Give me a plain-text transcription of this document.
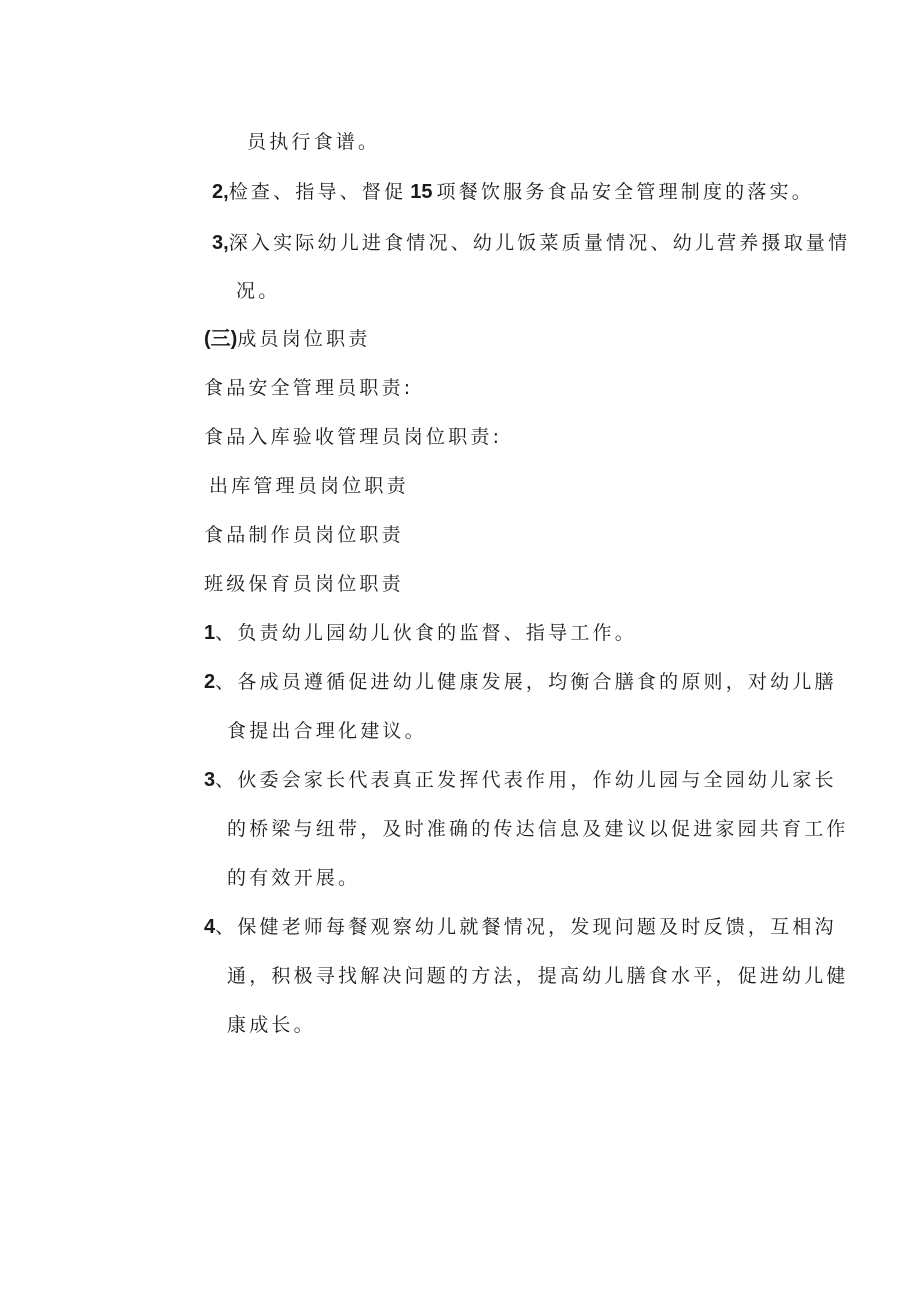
员执行食谱。
2,检查、指导、督促 15 项餐饮服务食品安全管理制度的落实。
3,深入实际幼儿进食情况、幼儿饭菜质量情况、幼儿营养摄取量情
况。
(三)成员岗位职责
食品安全管理员职责:
食品入库验收管理员岗位职责:
出库管理员岗位职责
食品制作员岗位职责
班级保育员岗位职责
1、负责幼儿园幼儿伙食的监督、指导工作。
2、各成员遵循促进幼儿健康发展，均衡合膳食的原则，对幼儿膳
食提出合理化建议。
3、伙委会家长代表真正发挥代表作用，作幼儿园与全园幼儿家长
的桥梁与纽带，及时准确的传达信息及建议以促进家园共育工作
的有效开展。
4、保健老师每餐观察幼儿就餐情况，发现问题及时反馈，互相沟
通，积极寻找解决问题的方法，提高幼儿膳食水平，促进幼儿健
康成长。
